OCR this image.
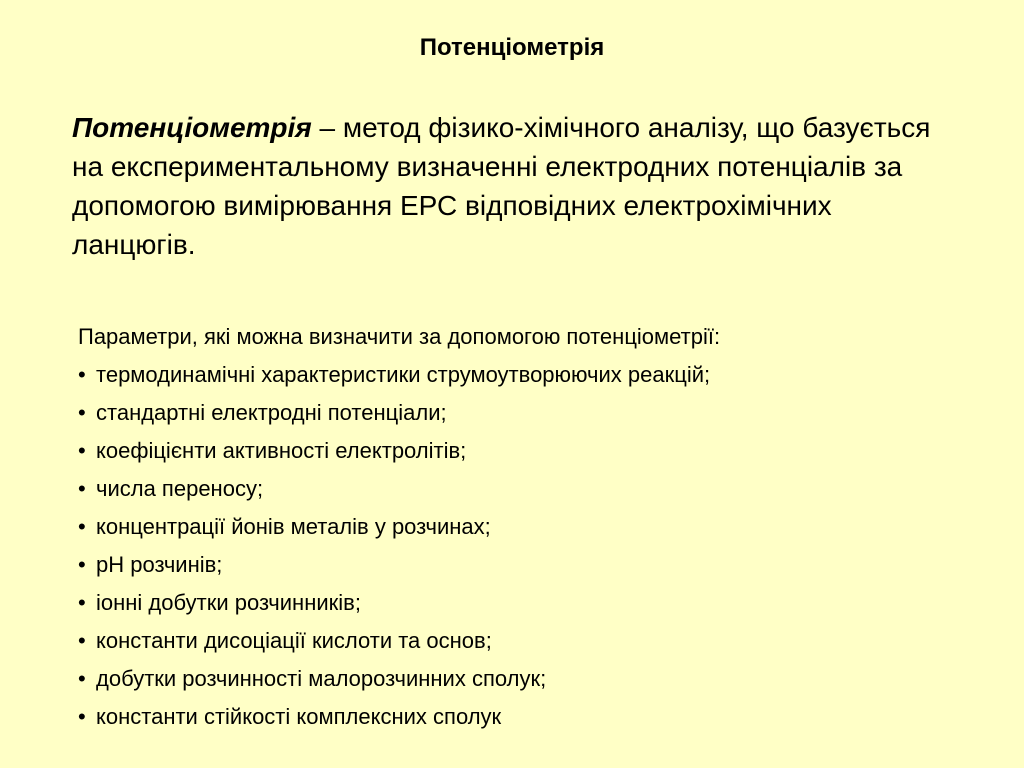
Потенціометрія
Потенціометрія – метод фізико-хімічного аналізу, що базується на експериментальному визначенні електродних потенціалів за допомогою вимірювання ЕРС відповідних електрохімічних ланцюгів.
Параметри, які можна визначити за допомогою потенціометрії:
• термодинамічні характеристики струмоутворюючих реакцій;
• стандартні електродні потенціали;
• коефіцієнти активності електролітів;
• числа переносу;
• концентрації йонів металів у розчинах;
• рН розчинів;
• іонні добутки розчинників;
• константи дисоціації кислоти та основ;
• добутки розчинності малорозчинних сполук;
• константи стійкості комплексних сполук
